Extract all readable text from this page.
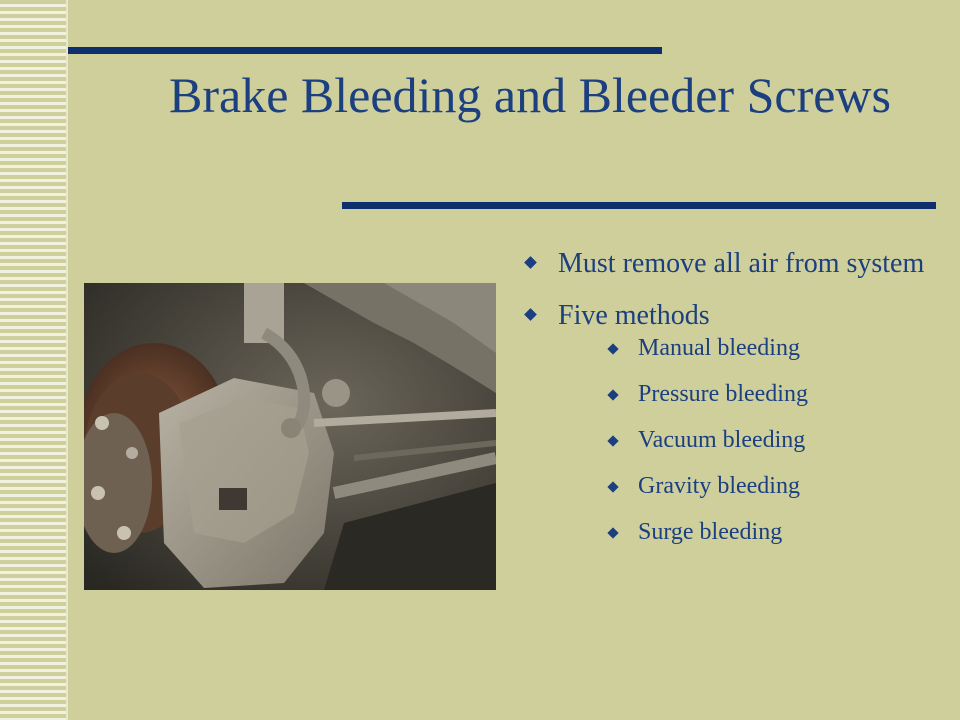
Brake Bleeding and Bleeder Screws
Must remove all air from system
Five methods
Manual bleeding
Pressure bleeding
Vacuum bleeding
Gravity bleeding
Surge bleeding
